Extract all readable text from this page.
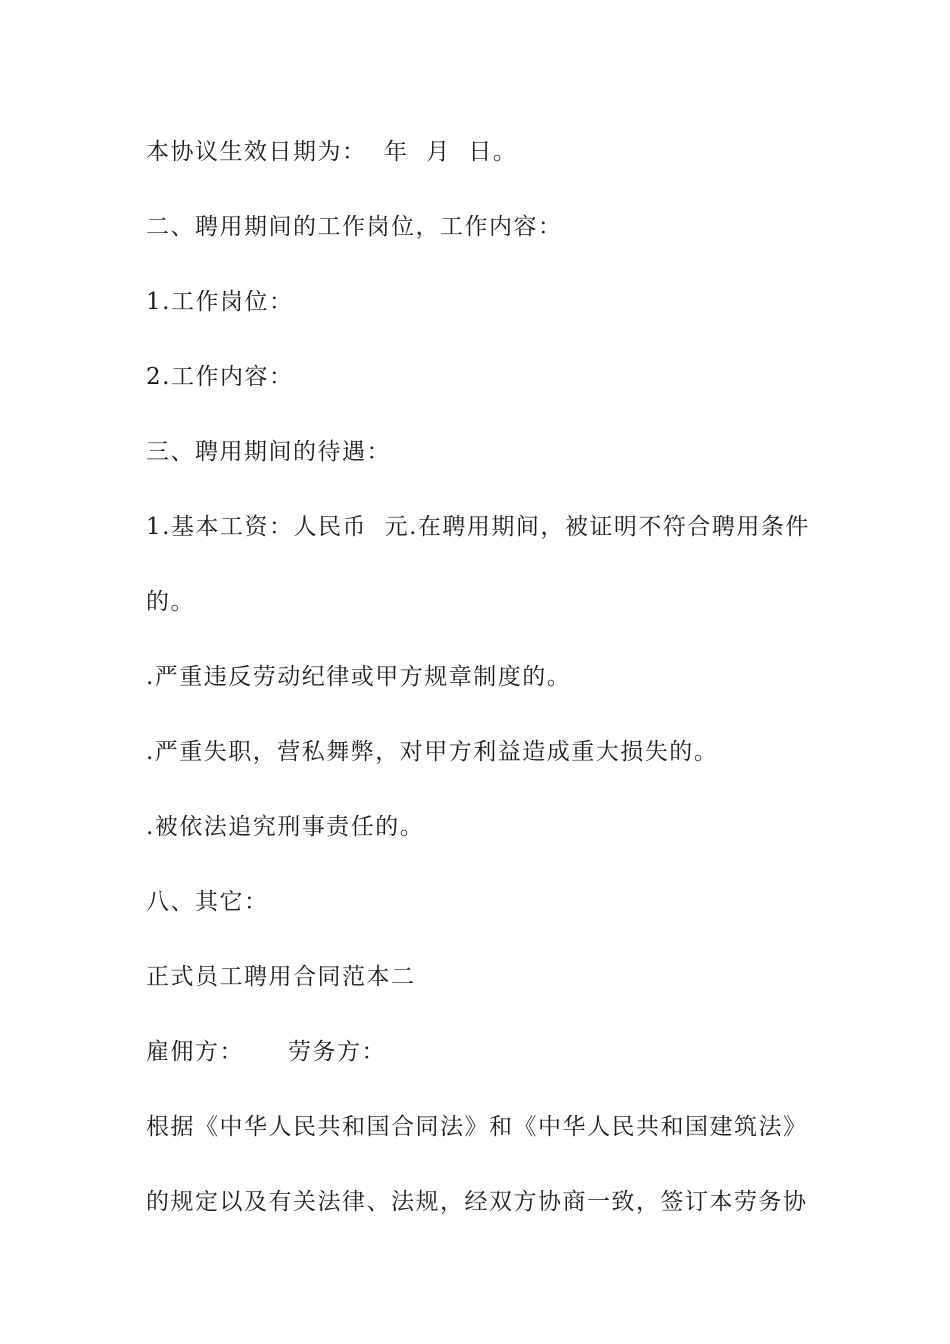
本协议生效日期为：  年  月  日。

二、聘用期间的工作岗位，工作内容：

1.工作岗位：

2.工作内容：

三、聘用期间的待遇：

1.基本工资：人民币  元.在聘用期间，被证明不符合聘用条件

的。

.严重违反劳动纪律或甲方规章制度的。

.严重失职，营私舞弊，对甲方利益造成重大损失的。

.被依法追究刑事责任的。

八、其它：

正式员工聘用合同范本二

雇佣方：     劳务方：

根据《中华人民共和国合同法》和《中华人民共和国建筑法》

的规定以及有关法律、法规，经双方协商一致，签订本劳务协
